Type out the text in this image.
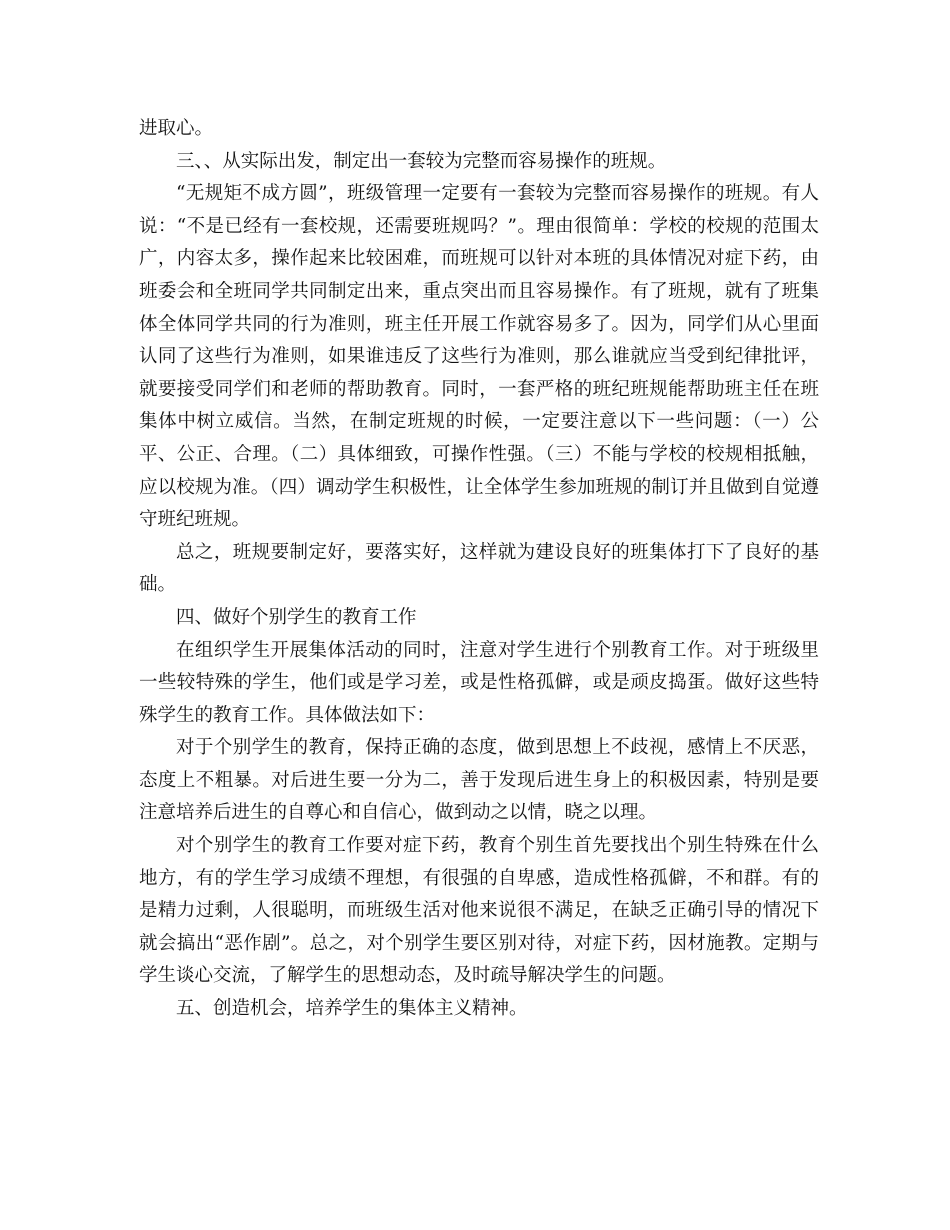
进取心。

三、、从实际出发，制定出一套较为完整而容易操作的班规。

“无规矩不成方圆”，班级管理一定要有一套较为完整而容易操作的班规。有人说：“不是已经有一套校规，还需要班规吗？”。理由很简单：学校的校规的范围太广，内容太多，操作起来比较困难，而班规可以针对本班的具体情况对症下药，由班委会和全班同学共同制定出来，重点突出而且容易操作。有了班规，就有了班集体全体同学共同的行为准则，班主任开展工作就容易多了。因为，同学们从心里面认同了这些行为准则，如果谁违反了这些行为准则，那么谁就应当受到纪律批评，就要接受同学们和老师的帮助教育。同时，一套严格的班纪班规能帮助班主任在班集体中树立威信。当然，在制定班规的时候，一定要注意以下一些问题：（一）公平、公正、合理。（二）具体细致，可操作性强。（三）不能与学校的校规相抵触，应以校规为准。（四）调动学生积极性，让全体学生参加班规的制订并且做到自觉遵守班纪班规。

总之，班规要制定好，要落实好，这样就为建设良好的班集体打下了良好的基础。

四、做好个别学生的教育工作

在组织学生开展集体活动的同时，注意对学生进行个别教育工作。对于班级里一些较特殊的学生，他们或是学习差，或是性格孤僻，或是顽皮捣蛋。做好这些特殊学生的教育工作。具体做法如下：

对于个别学生的教育，保持正确的态度，做到思想上不歧视，感情上不厌恶，态度上不粗暴。对后进生要一分为二，善于发现后进生身上的积极因素，特别是要注意培养后进生的自尊心和自信心，做到动之以情，晓之以理。

对个别学生的教育工作要对症下药，教育个别生首先要找出个别生特殊在什么地方，有的学生学习成绩不理想，有很强的自卑感，造成性格孤僻，不和群。有的是精力过剩，人很聪明，而班级生活对他来说很不满足，在缺乏正确引导的情况下就会搞出“恶作剧”。总之，对个别学生要区别对待，对症下药，因材施教。定期与学生谈心交流，了解学生的思想动态，及时疏导解决学生的问题。

五、创造机会，培养学生的集体主义精神。
